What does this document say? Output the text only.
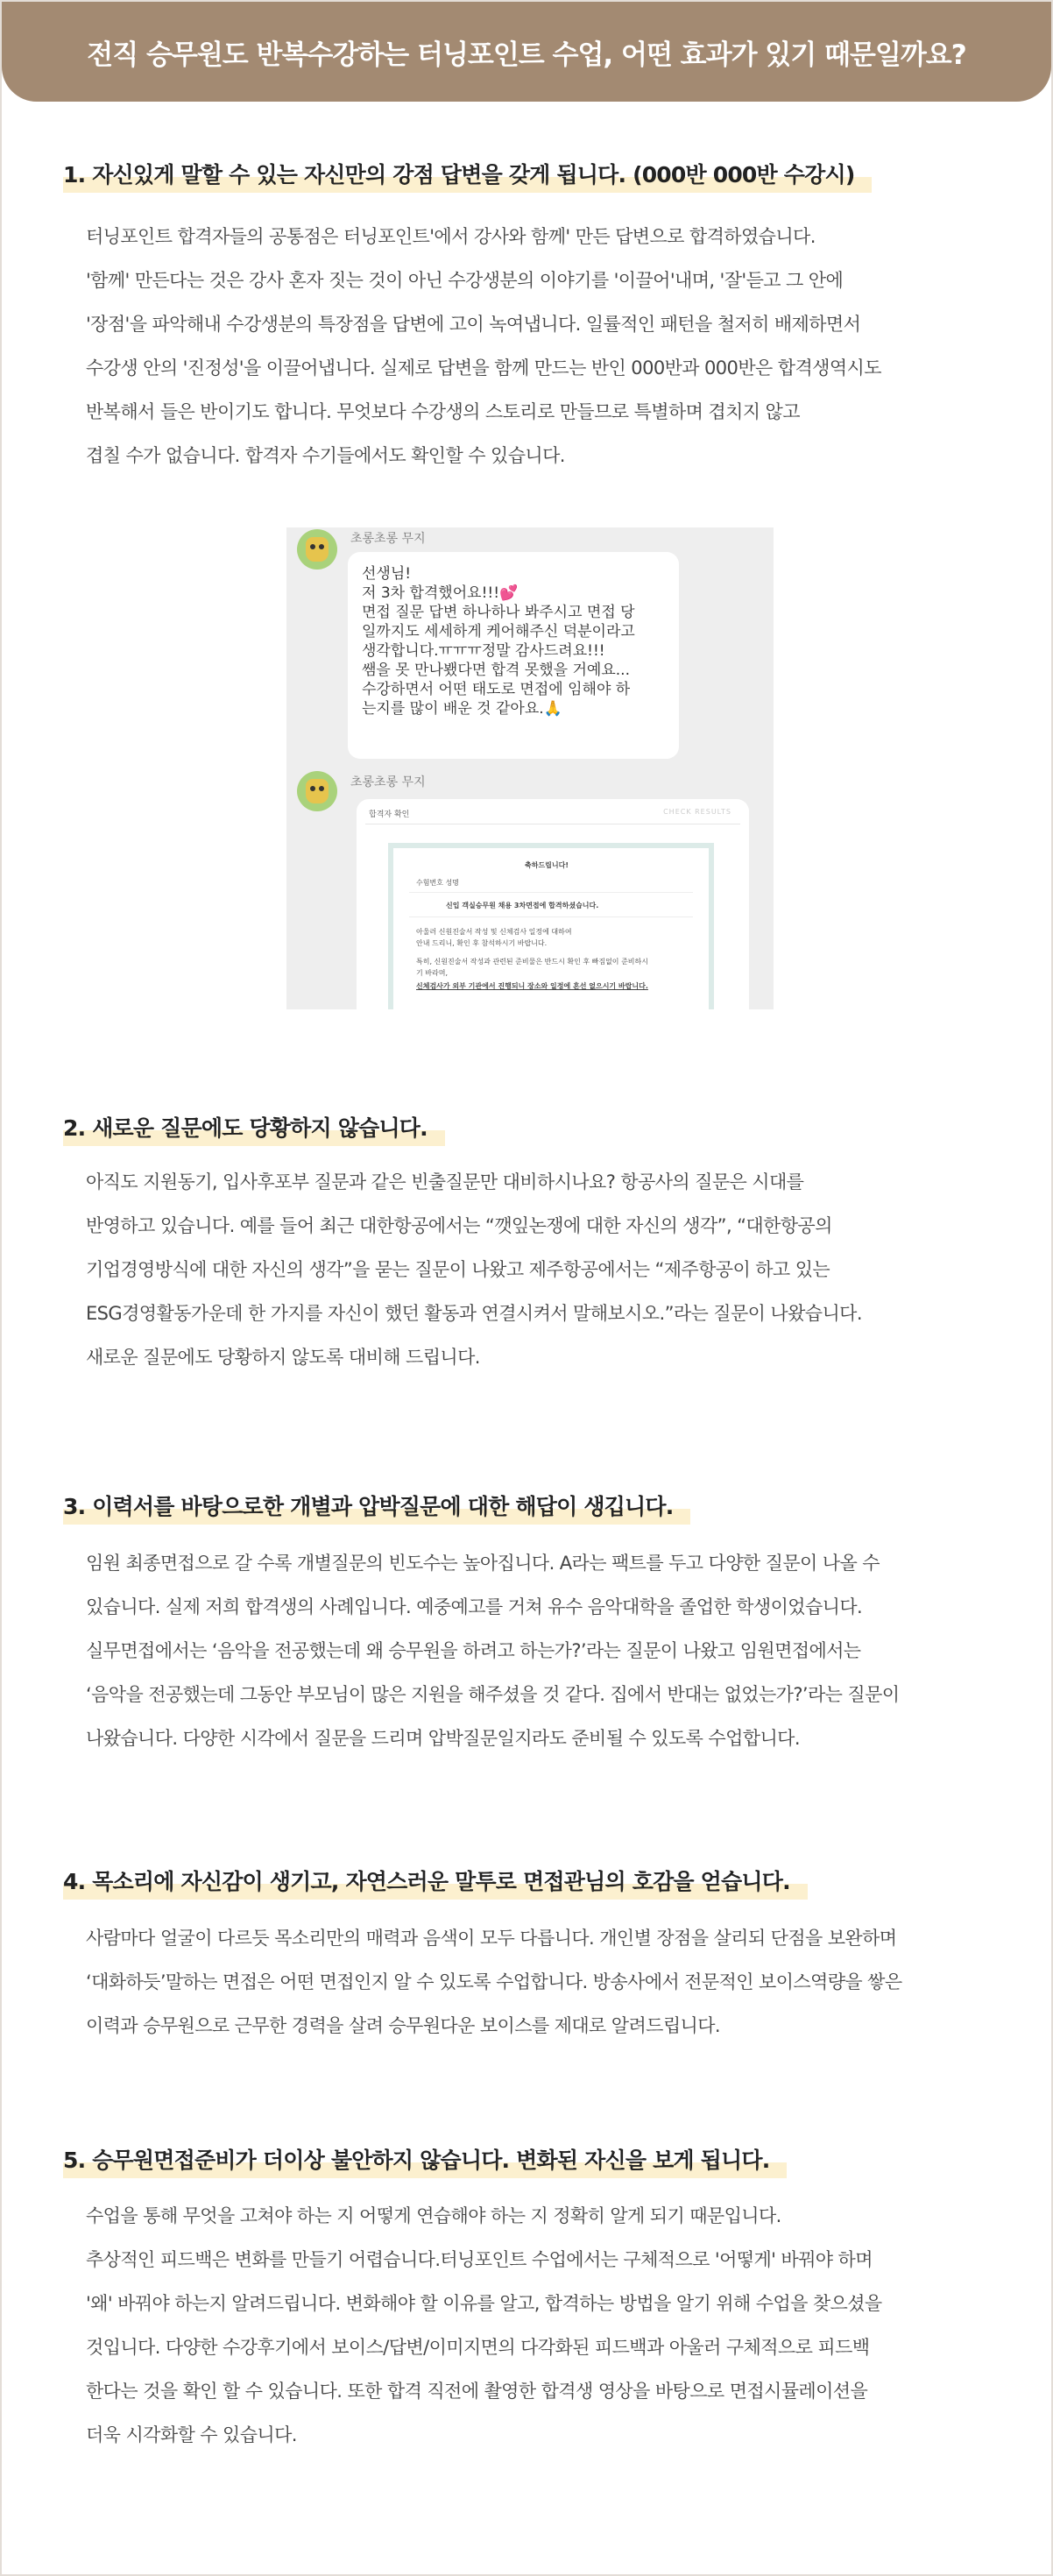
전직 승무원도 반복수강하는 터닝포인트 수업, 어떤 효과가 있기 때문일까요?
1. 자신있게 말할 수 있는 자신만의 강점 답변을 갖게 됩니다. (000반 000반 수강시)

터닝포인트 합격자들의 공통점은 터닝포인트'에서 강사와 함께' 만든 답변으로 합격하였습니다.

'함께' 만든다는 것은 강사 혼자 짓는 것이 아닌 수강생분의 이야기를 '이끌어'내며, '잘'듣고 그 안에

'장점'을 파악해내 수강생분의 특장점을 답변에 고이 녹여냅니다. 일률적인 패턴을 철저히 배제하면서

수강생 안의 '진정성'을 이끌어냅니다. 실제로 답변을 함께 만드는 반인 000반과 000반은 합격생역시도

반복해서 들은 반이기도 합니다. 무엇보다 수강생의 스토리로 만들므로 특별하며 겹치지 않고

겹칠 수가 없습니다. 합격자 수기들에서도 확인할 수 있습니다.

초롱초롱 무지

선생님!

저 3차 합격했어요!!!💕

면접 질문 답변 하나하나 봐주시고 면접 당

일까지도 세세하게 케어해주신 덕분이라고

생각합니다.ㅠㅠㅠ정말 감사드려요!!!

쌤을 못 만나뵀다면 합격 못했을 거예요...

수강하면서 어떤 태도로 면접에 임해야 하

는지를 많이 배운 것 같아요.🙏

초롱초롱 무지
합격자 확인	CHECK RESULTS
축하드립니다!
수험번호 성명
신입 객실승무원 채용 3차면접에 합격하셨습니다.
아울러 신원진술서 작성 및 신체검사 일정에 대하여
안내 드리니, 확인 후 참석하시기 바랍니다.
특히, 신원진술서 작성과 관련된 준비물은 반드시 확인 후 빠짐없이 준비하시
기 바라며,
신체검사가 외부 기관에서 진행되니 장소와 일정에 혼선 없으시기 바랍니다.
2. 새로운 질문에도 당황하지 않습니다.

아직도 지원동기, 입사후포부 질문과 같은 빈출질문만 대비하시나요? 항공사의 질문은 시대를

반영하고 있습니다. 예를 들어 최근 대한항공에서는 “깻잎논쟁에 대한 자신의 생각”, “대한항공의

기업경영방식에 대한 자신의 생각”을 묻는 질문이 나왔고 제주항공에서는 “제주항공이 하고 있는

ESG경영활동가운데 한 가지를 자신이 했던 활동과 연결시켜서 말해보시오.”라는 질문이 나왔습니다.

새로운 질문에도 당황하지 않도록 대비해 드립니다.

3. 이력서를 바탕으로한 개별과 압박질문에 대한 해답이 생깁니다.

임원 최종면접으로 갈 수록 개별질문의 빈도수는 높아집니다. A라는 팩트를 두고 다양한 질문이 나올 수

있습니다. 실제 저희 합격생의 사례입니다. 예중예고를 거쳐 유수 음악대학을 졸업한 학생이었습니다.

실무면접에서는 ‘음악을 전공했는데 왜 승무원을 하려고 하는가?’라는 질문이 나왔고 임원면접에서는

‘음악을 전공했는데 그동안 부모님이 많은 지원을 해주셨을 것 같다. 집에서 반대는 없었는가?’라는 질문이

나왔습니다. 다양한 시각에서 질문을 드리며 압박질문일지라도 준비될 수 있도록 수업합니다.

4. 목소리에 자신감이 생기고, 자연스러운 말투로 면접관님의 호감을 얻습니다.

사람마다 얼굴이 다르듯 목소리만의 매력과 음색이 모두 다릅니다. 개인별 장점을 살리되 단점을 보완하며

‘대화하듯’말하는 면접은 어떤 면접인지 알 수 있도록 수업합니다. 방송사에서 전문적인 보이스역량을 쌓은

이력과 승무원으로 근무한 경력을 살려 승무원다운 보이스를 제대로 알려드립니다.

5. 승무원면접준비가 더이상 불안하지 않습니다. 변화된 자신을 보게 됩니다.

수업을 통해 무엇을 고쳐야 하는 지 어떻게 연습해야 하는 지 정확히 알게 되기 때문입니다.

추상적인 피드백은 변화를 만들기 어렵습니다.터닝포인트 수업에서는 구체적으로 '어떻게' 바꿔야 하며

'왜' 바꿔야 하는지 알려드립니다. 변화해야 할 이유를 알고, 합격하는 방법을 알기 위해 수업을 찾으셨을

것입니다. 다양한 수강후기에서 보이스/답변/이미지면의 다각화된 피드백과 아울러 구체적으로 피드백

한다는 것을 확인 할 수 있습니다. 또한 합격 직전에 촬영한 합격생 영상을 바탕으로 면접시뮬레이션을

더욱 시각화할 수 있습니다.
